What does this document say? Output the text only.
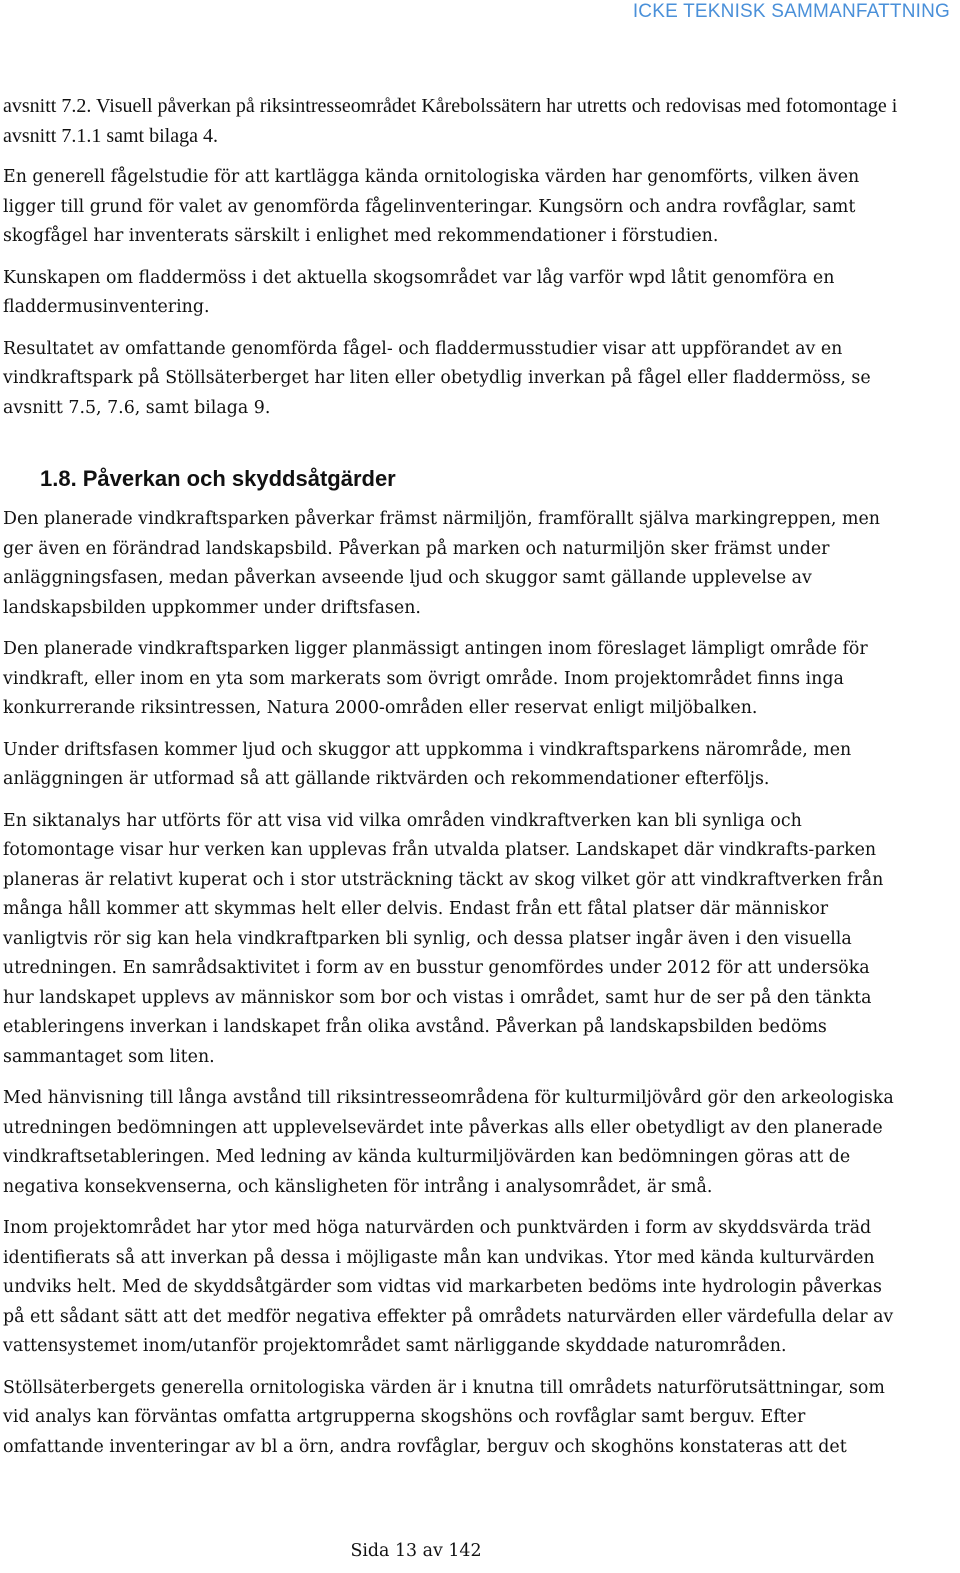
ICKE TEKNISK SAMMANFATTNING

avsnitt 7.2. Visuell påverkan på riksintresseområdet Kårebolssätern har utretts och redovisas med fotomontage i avsnitt 7.1.1 samt bilaga 4.

En generell fågelstudie för att kartlägga kända ornitologiska värden har genomförts, vilken även ligger till grund för valet av genomförda fågelinventeringar. Kungsörn och andra rovfåglar, samt skogfågel har inventerats särskilt i enlighet med rekommendationer i förstudien.

Kunskapen om fladdermöss i det aktuella skogsområdet var låg varför wpd låtit genomföra en fladdermusinventering.

Resultatet av omfattande genomförda fågel- och fladdermusstudier visar att uppförandet av en vindkraftspark på Stöllsäterberget har liten eller obetydlig inverkan på fågel eller fladdermöss, se avsnitt 7.5, 7.6, samt bilaga 9.

1.8. Påverkan och skyddsåtgärder

Den planerade vindkraftsparken påverkar främst närmiljön, framförallt själva markingreppen, men ger även en förändrad landskapsbild. Påverkan på marken och naturmiljön sker främst under anläggningsfasen, medan påverkan avseende ljud och skuggor samt gällande upplevelse av landskapsbilden uppkommer under driftsfasen.

Den planerade vindkraftsparken ligger planmässigt antingen inom föreslaget lämpligt område för vindkraft, eller inom en yta som markerats som övrigt område. Inom projektområdet finns inga konkurrerande riksintressen, Natura 2000-områden eller reservat enligt miljöbalken.

Under driftsfasen kommer ljud och skuggor att uppkomma i vindkraftsparkens närområde, men anläggningen är utformad så att gällande riktvärden och rekommendationer efterföljs.

En siktanalys har utförts för att visa vid vilka områden vindkraftverken kan bli synliga och fotomontage visar hur verken kan upplevas från utvalda platser. Landskapet där vindkrafts-parken planeras är relativt kuperat och i stor utsträckning täckt av skog vilket gör att vindkraftverken från många håll kommer att skymmas helt eller delvis. Endast från ett fåtal platser där människor vanligtvis rör sig kan hela vindkraftparken bli synlig, och dessa platser ingår även i den visuella utredningen. En samrådsaktivitet i form av en busstur genomfördes under 2012 för att undersöka hur landskapet upplevs av människor som bor och vistas i området, samt hur de ser på den tänkta etableringens inverkan i landskapet från olika avstånd. Påverkan på landskapsbilden bedöms sammantaget som liten.

Med hänvisning till långa avstånd till riksintresseområdena för kulturmiljövård gör den arkeologiska utredningen bedömningen att upplevelsevärdet inte påverkas alls eller obetydligt av den planerade vindkraftsetableringen. Med ledning av kända kulturmiljövärden kan bedömningen göras att de negativa konsekvenserna, och känsligheten för intrång i analysområdet, är små.

Inom projektområdet har ytor med höga naturvärden och punktvärden i form av skyddsvärda träd identifierats så att inverkan på dessa i möjligaste mån kan undvikas. Ytor med kända kulturvärden undviks helt. Med de skyddsåtgärder som vidtas vid markarbeten bedöms inte hydrologin påverkas på ett sådant sätt att det medför negativa effekter på områdets naturvärden eller värdefulla delar av vattensystemet inom/utanför projektområdet samt närliggande skyddade naturområden.

Stöllsäterbergets generella ornitologiska värden är i knutna till områdets naturförutsättningar, som vid analys kan förväntas omfatta artgrupperna skogshöns och rovfåglar samt berguv. Efter omfattande inventeringar av bl a örn, andra rovfåglar, berguv och skoghöns konstateras att det

Sida 13 av 142
